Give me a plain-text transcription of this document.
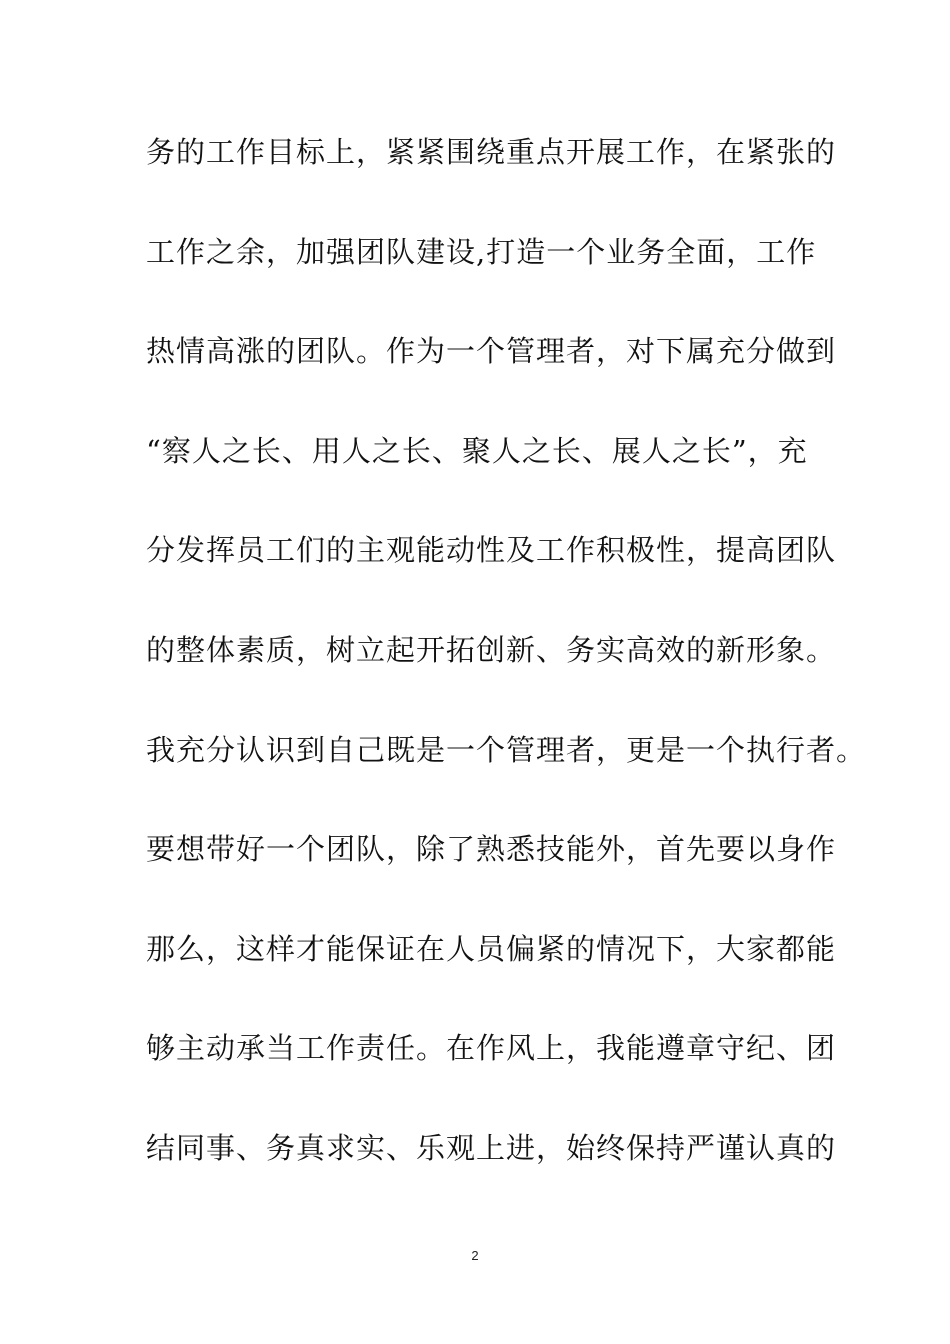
务的工作目标上，紧紧围绕重点开展工作，在紧张的
工作之余，加强团队建设,打造一个业务全面，工作
热情高涨的团队。作为一个管理者，对下属充分做到
“察人之长、用人之长、聚人之长、展人之长”，充
分发挥员工们的主观能动性及工作积极性，提高团队
的整体素质，树立起开拓创新、务实高效的新形象。
我充分认识到自己既是一个管理者，更是一个执行者。
要想带好一个团队，除了熟悉技能外，首先要以身作
那么，这样才能保证在人员偏紧的情况下，大家都能
够主动承当工作责任。在作风上，我能遵章守纪、团
结同事、务真求实、乐观上进，始终保持严谨认真的
2
